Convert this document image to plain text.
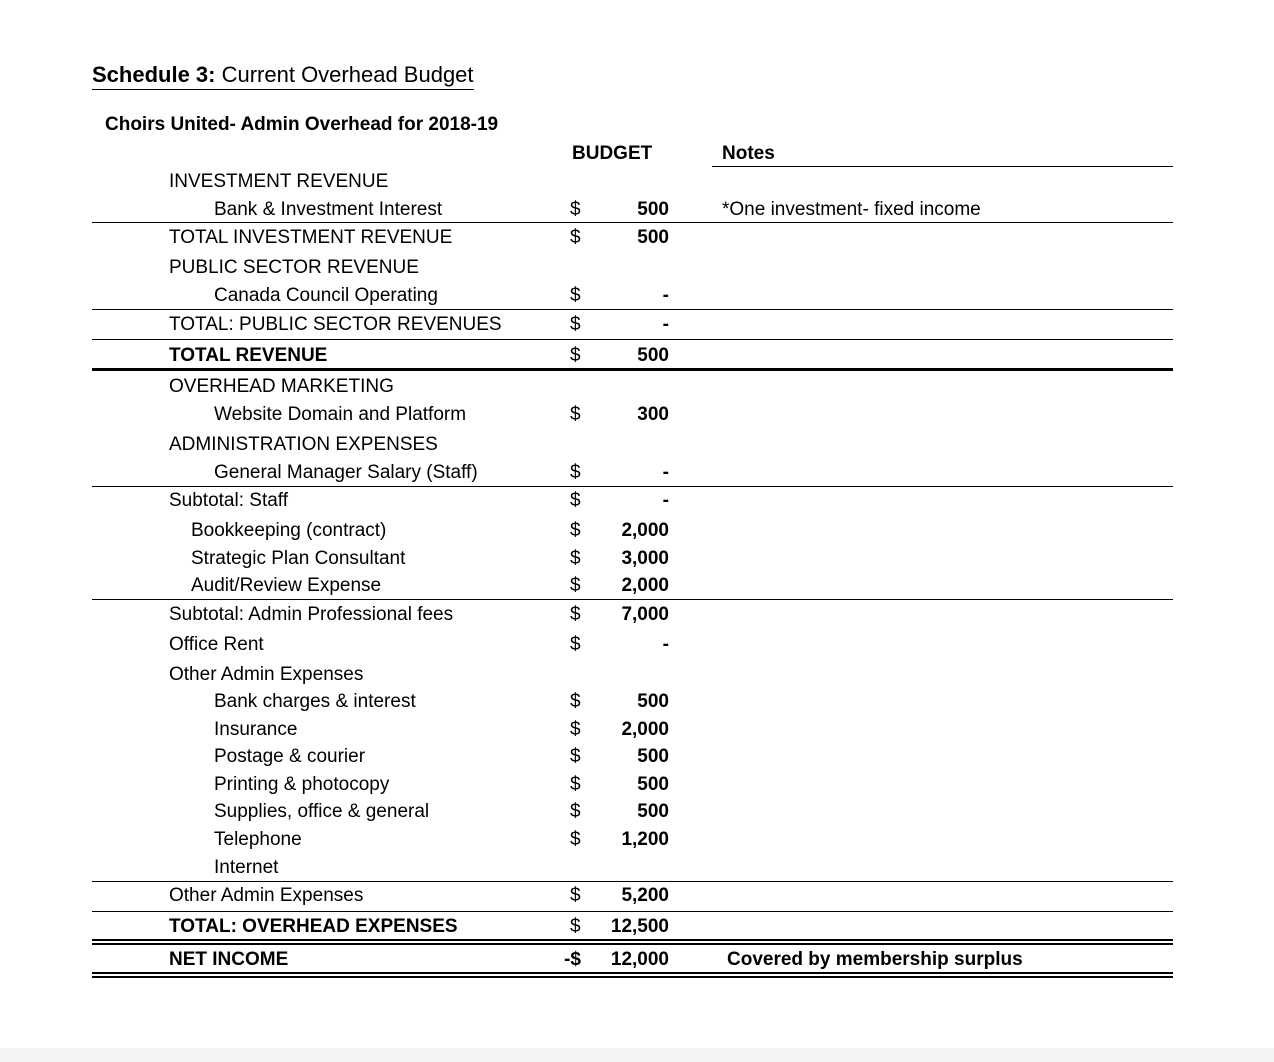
Schedule 3: Current Overhead Budget
Choirs United- Admin Overhead for 2018-19
BUDGET	Notes
INVESTMENT REVENUE
Bank & Investment Interest	$	500	*One investment- fixed income
TOTAL INVESTMENT REVENUE	$	500
PUBLIC SECTOR REVENUE
Canada Council Operating	$	-
TOTAL: PUBLIC SECTOR REVENUES	$	-
TOTAL REVENUE	$	500
OVERHEAD MARKETING
Website Domain and Platform	$	300
ADMINISTRATION EXPENSES
General Manager Salary (Staff)	$	-
Subtotal: Staff	$	-
Bookkeeping (contract)	$	2,000
Strategic Plan Consultant	$	3,000
Audit/Review Expense	$	2,000
Subtotal: Admin Professional fees	$	7,000
Office Rent	$	-
Other Admin Expenses
Bank charges & interest	$	500
Insurance	$	2,000
Postage & courier	$	500
Printing & photocopy	$	500
Supplies, office & general	$	500
Telephone	$	1,200
Internet
Other Admin Expenses	$	5,200
TOTAL: OVERHEAD EXPENSES	$	12,500
NET INCOME	-$	12,000	Covered by membership surplus
